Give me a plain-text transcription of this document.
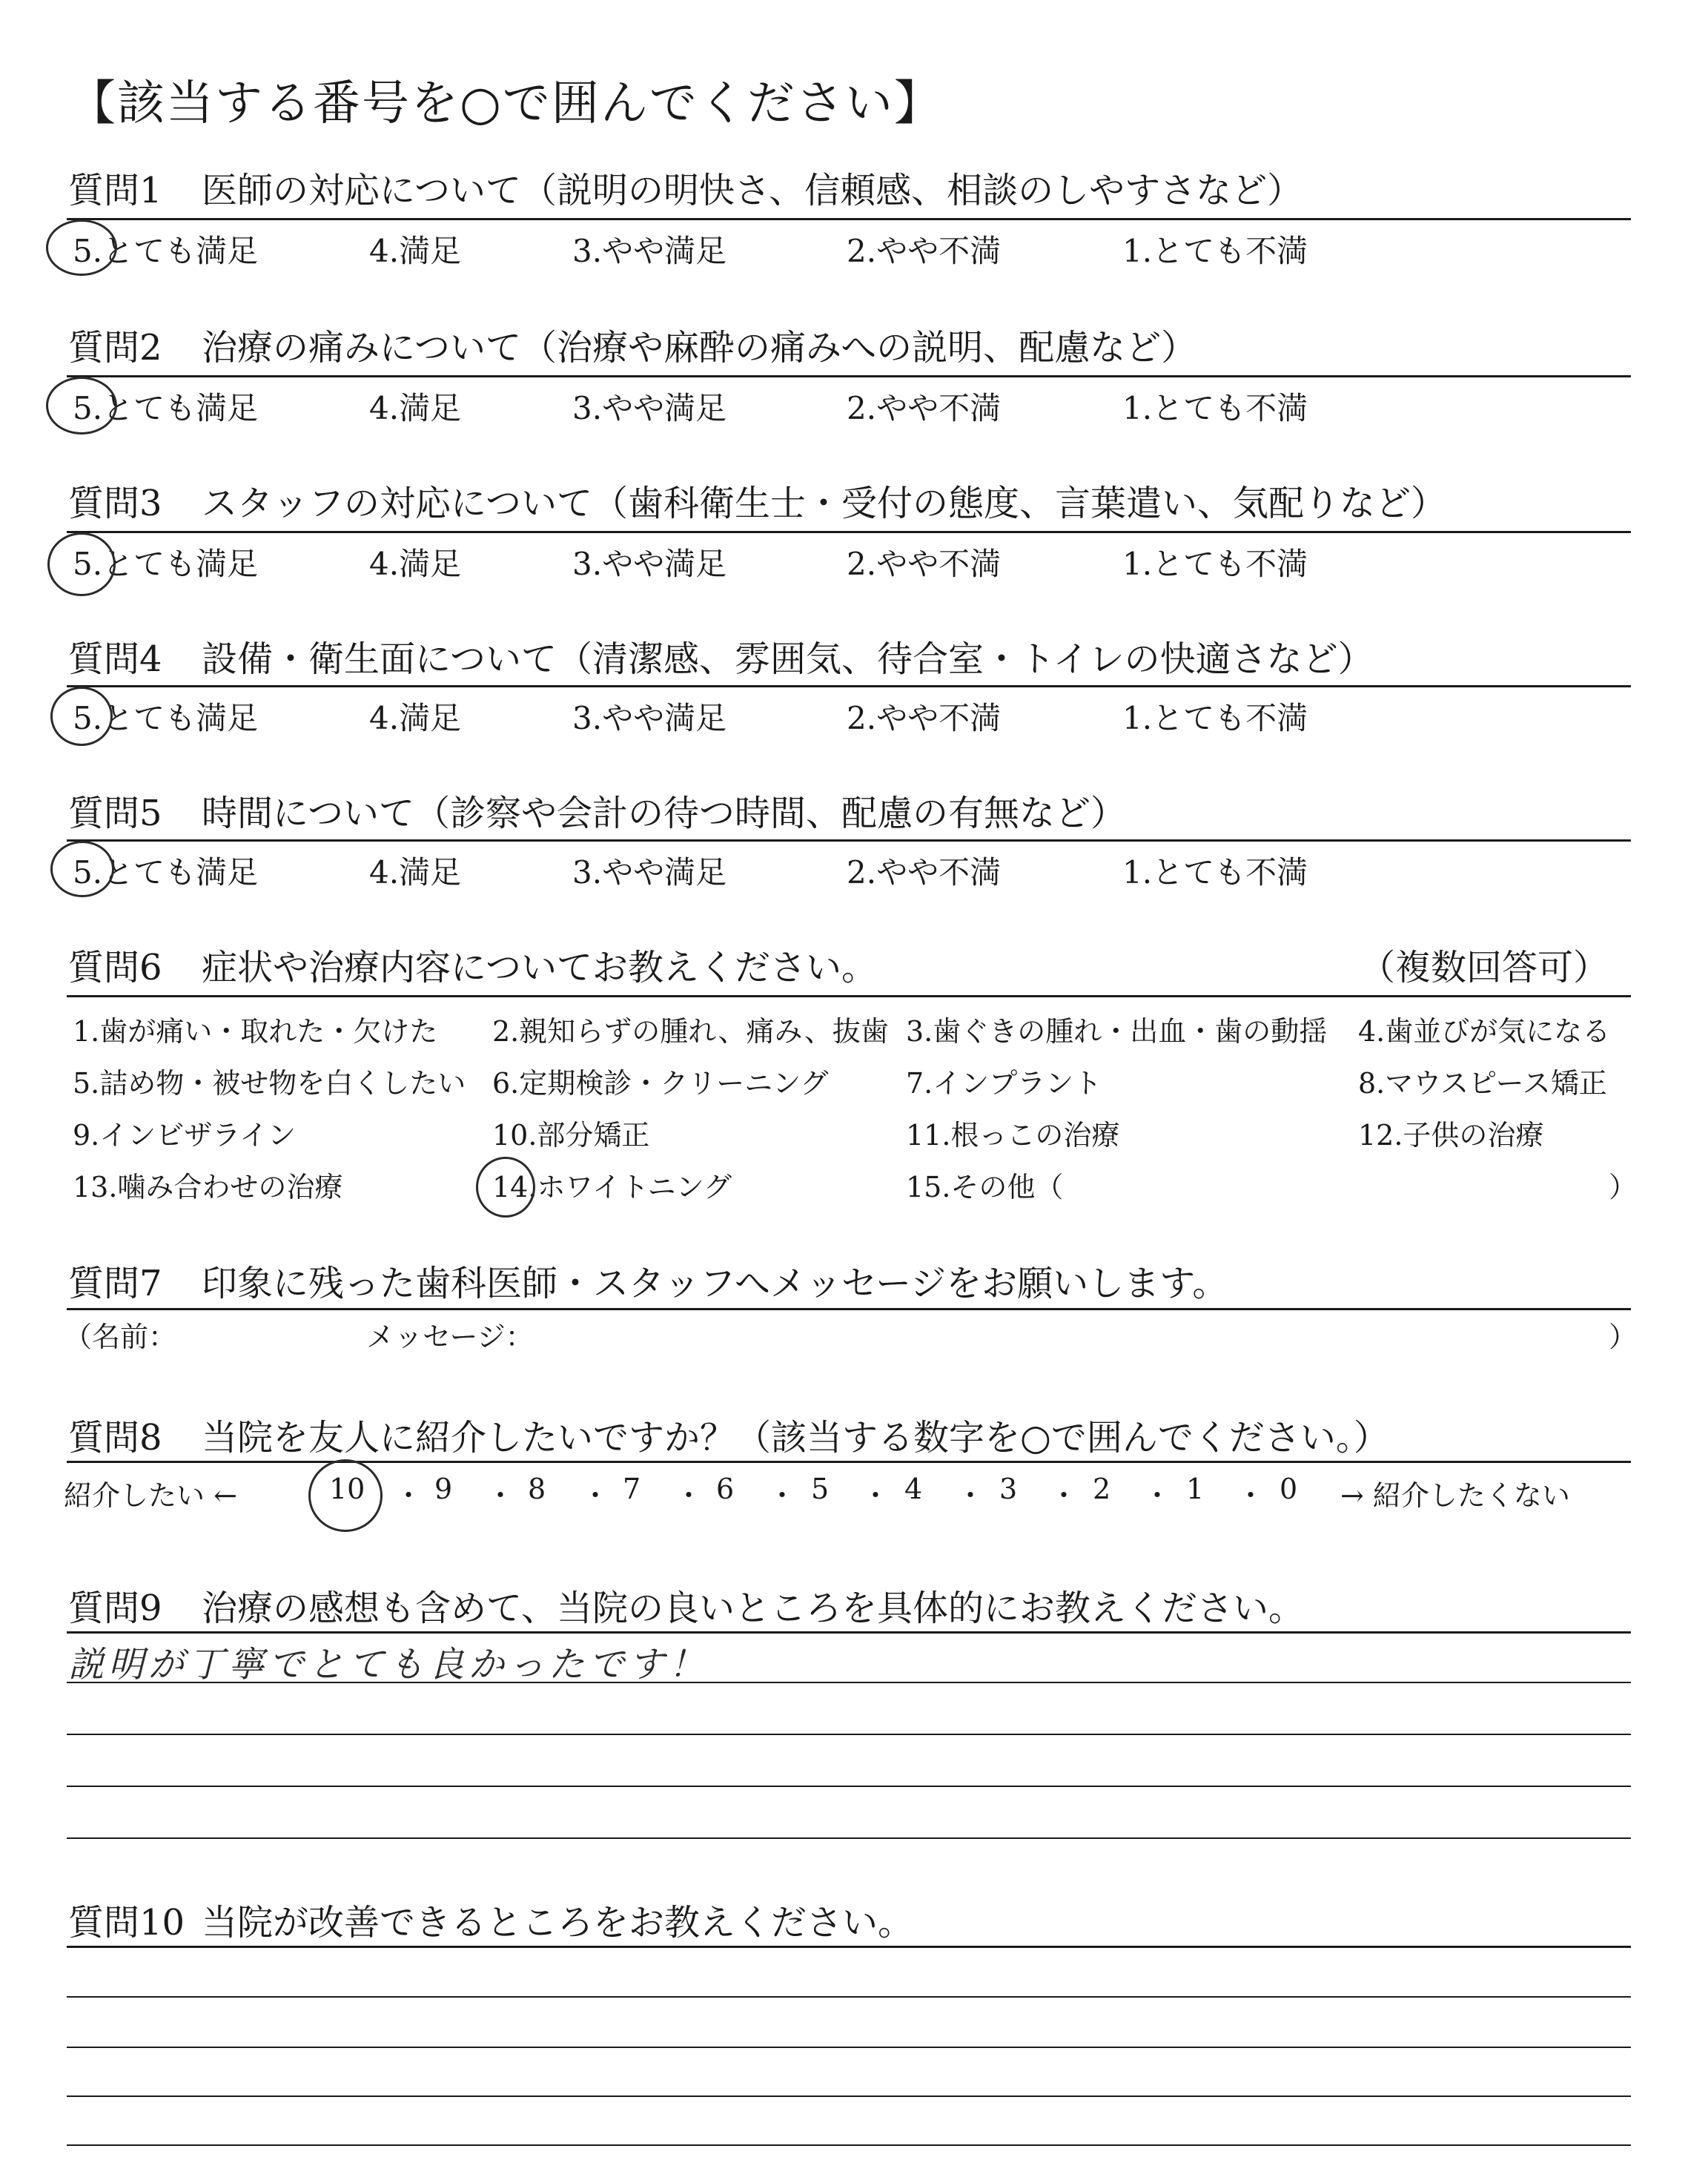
【該当する番号を○で囲んでください】
質問1 医師の対応について（説明の明快さ、信頼感、相談のしやすさなど）
5.とても満足	4.満足	3.やや満足	2.やや不満	1.とても不満
質問2 治療の痛みについて（治療や麻酔の痛みへの説明、配慮など）
5.とても満足	4.満足	3.やや満足	2.やや不満	1.とても不満
質問3 スタッフの対応について（歯科衛生士・受付の態度、言葉遣い、気配りなど）
5.とても満足	4.満足	3.やや満足	2.やや不満	1.とても不満
質問4 設備・衛生面について（清潔感、雰囲気、待合室・トイレの快適さなど）
5.とても満足	4.満足	3.やや満足	2.やや不満	1.とても不満
質問5 時間について（診察や会計の待つ時間、配慮の有無など）
5.とても満足	4.満足	3.やや満足	2.やや不満	1.とても不満
質問6 症状や治療内容についてお教えください。	（複数回答可）
1.歯が痛い・取れた・欠けた 2.親知らずの腫れ、痛み、抜歯 3.歯ぐきの腫れ・出血・歯の動揺 4.歯並びが気になる
5.詰め物・被せ物を白くしたい 6.定期検診・クリーニング	7.インプラント	8.マウスピース矯正
9.インビザライン	10.部分矯正	11.根っこの治療	12.子供の治療
13.噛み合わせの治療	14.ホワイトニング	15.その他（	）
質問7 印象に残った歯科医師・スタッフへメッセージをお願いします。
（名前：	メッセージ：	）
質問8 当院を友人に紹介したいですか？（該当する数字を○で囲んでください。）
紹介したい ←	→ 紹介したくない
10 ・ 9 ・ 8 ・ 7 ・ 6 ・ 5 ・ 4 ・ 3 ・ 2 ・ 1 ・ 0
質問9 治療の感想も含めて、当院の良いところを具体的にお教えください。
説明が丁寧でとても良かったです！
質問10 当院が改善できるところをお教えください。
